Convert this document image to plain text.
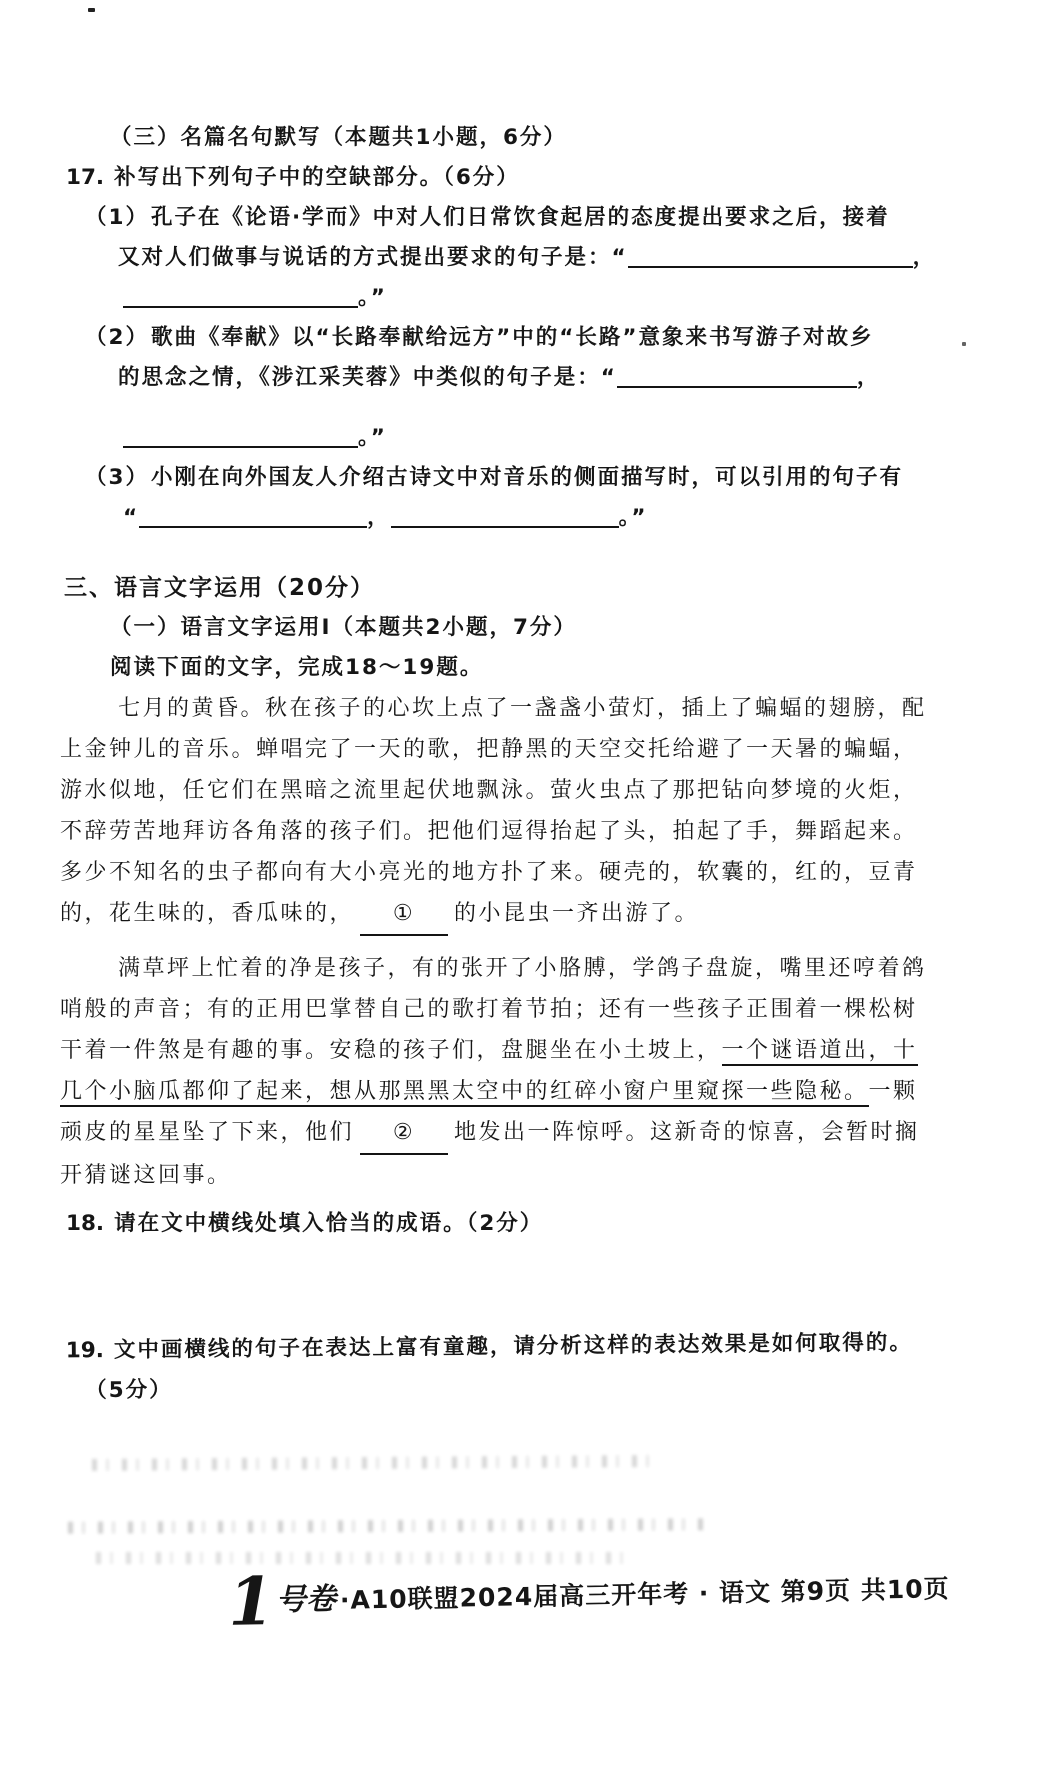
（三）名篇名句默写（本题共1小题，6分）
17. 补写出下列句子中的空缺部分。（6分）
（1）孔子在《论语·学而》中对人们日常饮食起居的态度提出要求之后，接着
又对人们做事与说话的方式提出要求的句子是：“	，
。”
（2）歌曲《奉献》以“长路奉献给远方”中的“长路”意象来书写游子对故乡
的思念之情，《涉江采芙蓉》中类似的句子是：“	，
。”
（3）小刚在向外国友人介绍古诗文中对音乐的侧面描写时，可以引用的句子有
“	，	。”
三、语言文字运用（20分）
（一）语言文字运用Ⅰ（本题共2小题，7分）
阅读下面的文字，完成18～19题。
七月的黄昏。秋在孩子的心坎上点了一盏盏小萤灯，插上了蝙蝠的翅膀，配
上金钟儿的音乐。蝉唱完了一天的歌，把静黑的天空交托给避了一天暑的蝙蝠，
游水似地，任它们在黑暗之流里起伏地飘泳。萤火虫点了那把钻向梦境的火炬，
不辞劳苦地拜访各角落的孩子们。把他们逗得抬起了头，拍起了手，舞蹈起来。
多少不知名的虫子都向有大小亮光的地方扑了来。硬壳的，软囊的，红的，豆青
的，花生味的，香瓜味的， ① 的小昆虫一齐出游了。
满草坪上忙着的净是孩子，有的张开了小胳膊，学鸽子盘旋，嘴里还哼着鸽
哨般的声音；有的正用巴掌替自己的歌打着节拍；还有一些孩子正围着一棵松树
干着一件煞是有趣的事。安稳的孩子们，盘腿坐在小土坡上，一个谜语道出，十
几个小脑瓜都仰了起来，想从那黑黑太空中的红碎小窗户里窥探一些隐秘。一颗
顽皮的星星坠了下来，他们 ② 地发出一阵惊呼。这新奇的惊喜，会暂时搁
开猜谜这回事。
18. 请在文中横线处填入恰当的成语。（2分）
19. 文中画横线的句子在表达上富有童趣，请分析这样的表达效果是如何取得的。
（5分）
1号卷 ·A10联盟2024届高三开年考 · 语文 第9页 共10页
